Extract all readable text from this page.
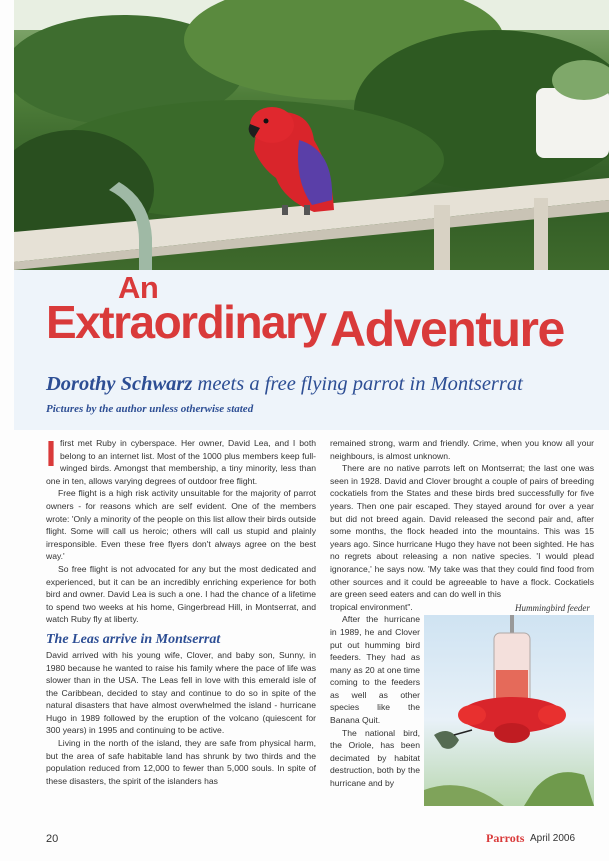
An
Extraordinary Adventure
Dorothy Schwarz meets a free flying parrot in Montserrat
Pictures by the author unless otherwise stated

Ifirst met Ruby in cyberspace. Her owner, David Lea, and I both belong to an internet list. Most of the 1000 plus members keep full-winged birds. Amongst that membership, a tiny minority, less than one in ten, allows varying degrees of outdoor free flight.

Free flight is a high risk activity unsuitable for the majority of parrot owners - for reasons which are self evident. One of the members wrote: 'Only a minority of the people on this list allow their birds outside flight. Some will call us heroic; others will call us stupid and plainly irresponsible. Even these free flyers don't always agree on the best way.'

So free flight is not advocated for any but the most dedicated and experienced, but it can be an incredibly enriching experience for both bird and owner. David Lea is such a one. I had the chance of a lifetime to spend two weeks at his home, Gingerbread Hill, in Montserrat, and watch Ruby fly at liberty.

The Leas arrive in Montserrat

David arrived with his young wife, Clover, and baby son, Sunny, in 1980 because he wanted to raise his family where the pace of life was slower than in the USA. The Leas fell in love with this emerald isle of the Caribbean, decided to stay and continue to do so in spite of the natural disasters that have almost overwhelmed the island - hurricane Hugo in 1989 followed by the eruption of the volcano (quiescent for 300 years) in 1995 and continuing to be active.

Living in the north of the island, they are safe from physical harm, but the area of safe habitable land has shrunk by two thirds and the population reduced from 12,000 to fewer than 5,000 souls. In spite of these disasters, the spirit of the islanders has

remained strong, warm and friendly. Crime, when you know all your neighbours, is almost unknown.

There are no native parrots left on Montserrat; the last one was seen in 1928. David and Clover brought a couple of pairs of breeding cockatiels from the States and these birds bred successfully for five years. Then one pair escaped. They stayed around for over a year but did not breed again. David released the second pair and, after some months, the flock headed into the mountains. This was 15 years ago. Since hurricane Hugo they have not been sighted. He has no regrets about releasing a non native species. 'I would plead ignorance,' he says now. 'My take was that they could find food from other sources and it could be agreeable to have a flock. Cockatiels are green seed eaters and can do well in this

tropical environment".

After the hurricane in 1989, he and Clover put out humming bird feeders. They had as many as 20 at one time coming to the feeders as well as other species like the Banana Quit.

The national bird, the Oriole, has been decimated by habitat destruction, both by the hurricane and by

Hummingbird feeder
20	Parrots April 2006
